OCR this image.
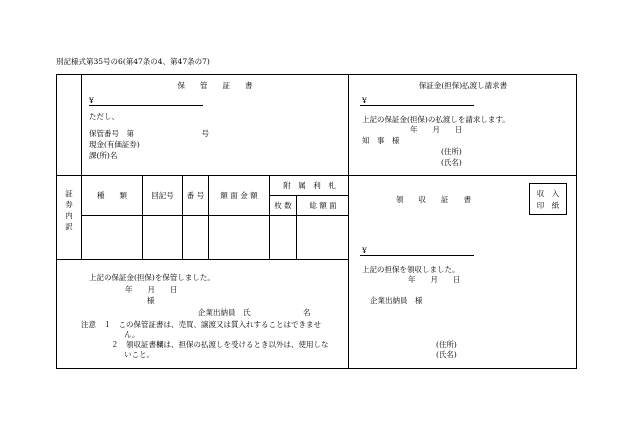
別記様式第35号の6(第47条の4、第47条の7)
保　　管　　証　　書
¥
ただし、
保管番号　第　　　　　　　　　号
現金(有価証券)
課(所)名
証券内訳
種　　類	回記号	番 号	額 面 金 額
附　属　利　札
枚 数	総 額 面
上記の保証金(担保)を保管しました。
年　　月　　日
様
企業出納員　氏　　　　　　　名
注意　１　この保管証書は、売買、譲渡又は質入れすることはできませ
ん。
２　領収証書欄は、担保の払渡しを受けるとき以外は、使用しな
いこと。
保証金(担保)払渡し請求書
¥
上記の保証金(担保)の払渡しを請求します。
年　　月　　日
知　事　様
(住所)
(氏名)
領　　収　　証　　書
収　入
印　紙
¥
上記の担保を領収しました。
年　　月　　日
企業出納員　様
(住所)
(氏名)
